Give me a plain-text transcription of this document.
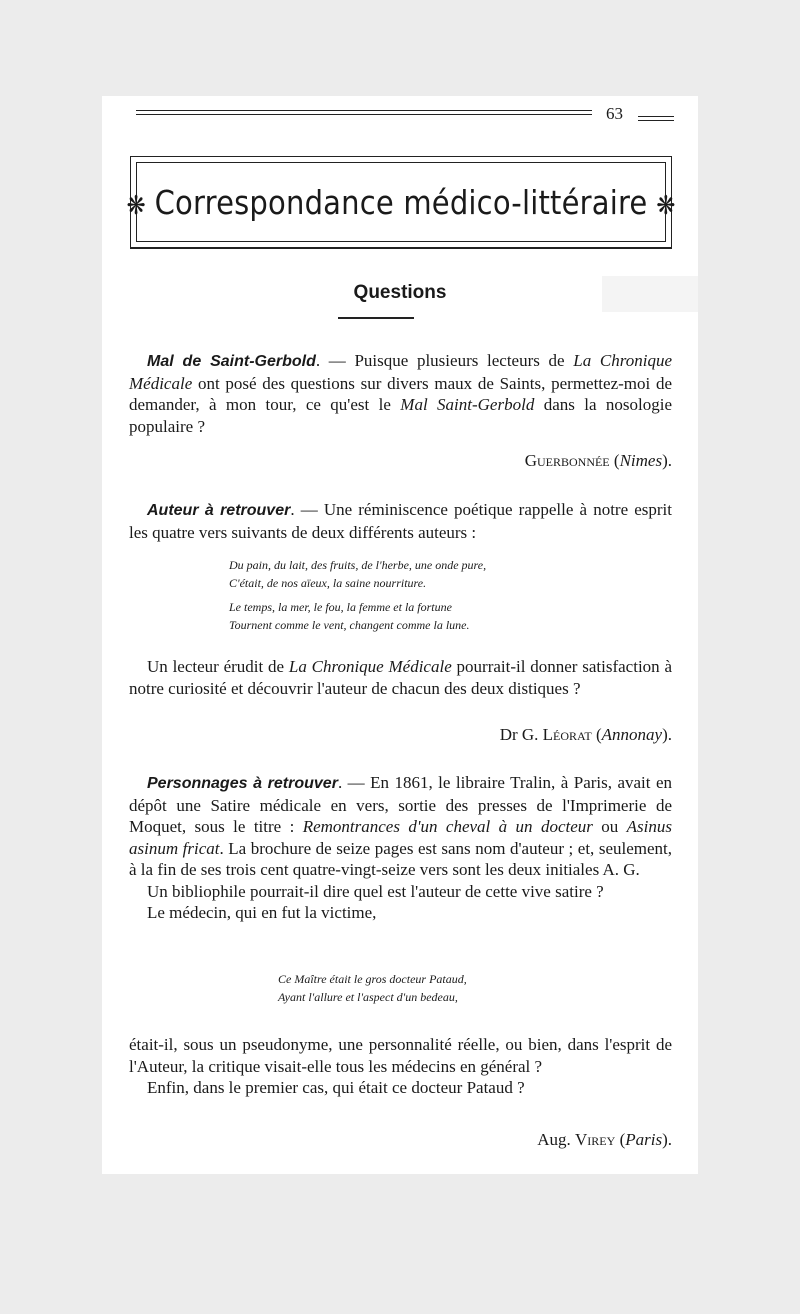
63
❋ Correspondance médico-littéraire ❋
Questions

Mal de Saint-Gerbold. — Puisque plusieurs lecteurs de La Chronique Médicale ont posé des questions sur divers maux de Saints, permettez-moi de demander, à mon tour, ce qu'est le Mal Saint-Gerbold dans la nosologie populaire ?

Guerbonnée (Nimes).

Auteur à retrouver. — Une réminiscence poétique rappelle à notre esprit les quatre vers suivants de deux différents auteurs :

Du pain, du lait, des fruits, de l'herbe, une onde pure,

C'était, de nos aïeux, la saine nourriture.

Le temps, la mer, le fou, la femme et la fortune

Tournent comme le vent, changent comme la lune.

Un lecteur érudit de La Chronique Médicale pourrait-il donner satisfaction à notre curiosité et découvrir l'auteur de chacun des deux distiques ?

Dr G. Léorat (Annonay).

Personnages à retrouver. — En 1861, le libraire Tralin, à Paris, avait en dépôt une Satire médicale en vers, sortie des presses de l'Imprimerie de Moquet, sous le titre : Remontrances d'un cheval à un docteur ou Asinus asinum fricat. La brochure de seize pages est sans nom d'auteur ; et, seulement, à la fin de ses trois cent quatre-vingt-seize vers sont les deux initiales A. G.

Un bibliophile pourrait-il dire quel est l'auteur de cette vive satire ?

Le médecin, qui en fut la victime,

Ce Maître était le gros docteur Pataud,

Ayant l'allure et l'aspect d'un bedeau,

était-il, sous un pseudonyme, une personnalité réelle, ou bien, dans l'esprit de l'Auteur, la critique visait-elle tous les médecins en général ?

Enfin, dans le premier cas, qui était ce docteur Pataud ?

Aug. Virey (Paris).
